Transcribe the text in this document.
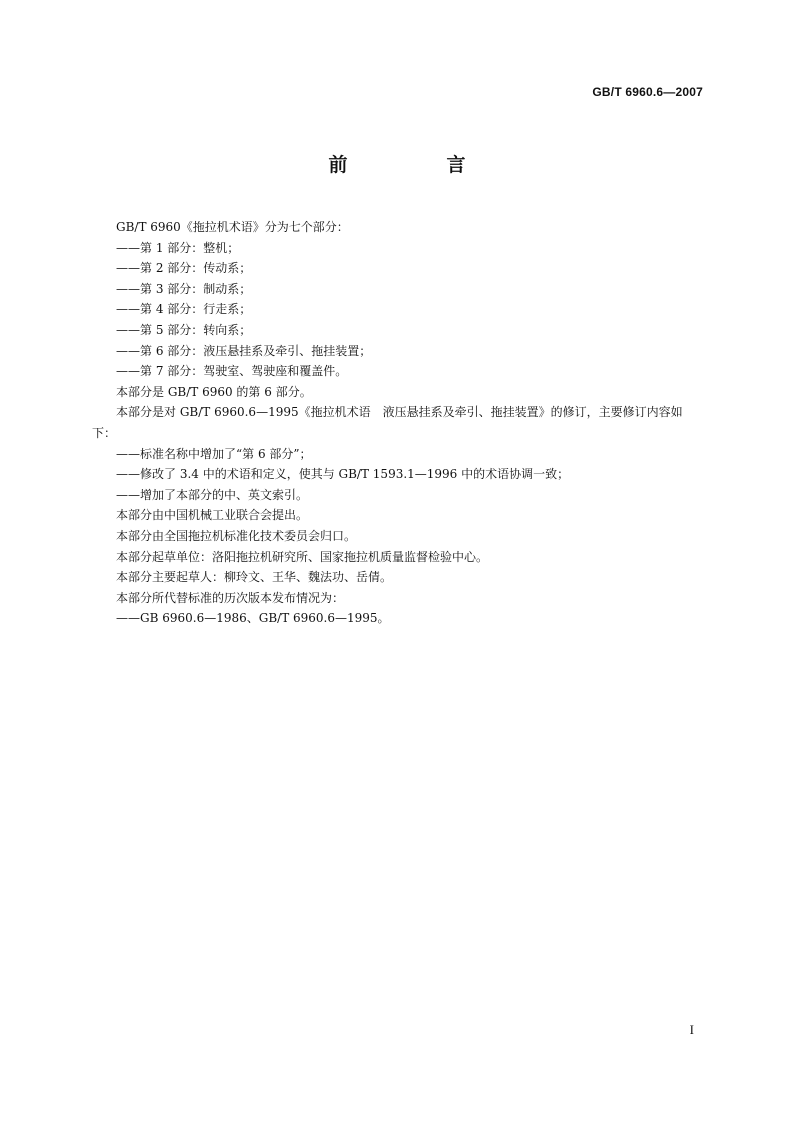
GB/T 6960.6—2007
前　言

GB/T 6960《拖拉机术语》分为七个部分：

——第 1 部分：整机；

——第 2 部分：传动系；

——第 3 部分：制动系；

——第 4 部分：行走系；

——第 5 部分：转向系；

——第 6 部分：液压悬挂系及牵引、拖挂装置；

——第 7 部分：驾驶室、驾驶座和覆盖件。

本部分是 GB/T 6960 的第 6 部分。

本部分是对 GB/T 6960.6—1995《拖拉机术语　液压悬挂系及牵引、拖挂装置》的修订，主要修订内容如下：

——标准名称中增加了“第 6 部分”；

——修改了 3.4 中的术语和定义，使其与 GB/T 1593.1—1996 中的术语协调一致；

——增加了本部分的中、英文索引。

本部分由中国机械工业联合会提出。

本部分由全国拖拉机标准化技术委员会归口。

本部分起草单位：洛阳拖拉机研究所、国家拖拉机质量监督检验中心。

本部分主要起草人：柳玲文、王华、魏法功、岳倩。

本部分所代替标准的历次版本发布情况为：

——GB 6960.6—1986、GB/T 6960.6—1995。

I
